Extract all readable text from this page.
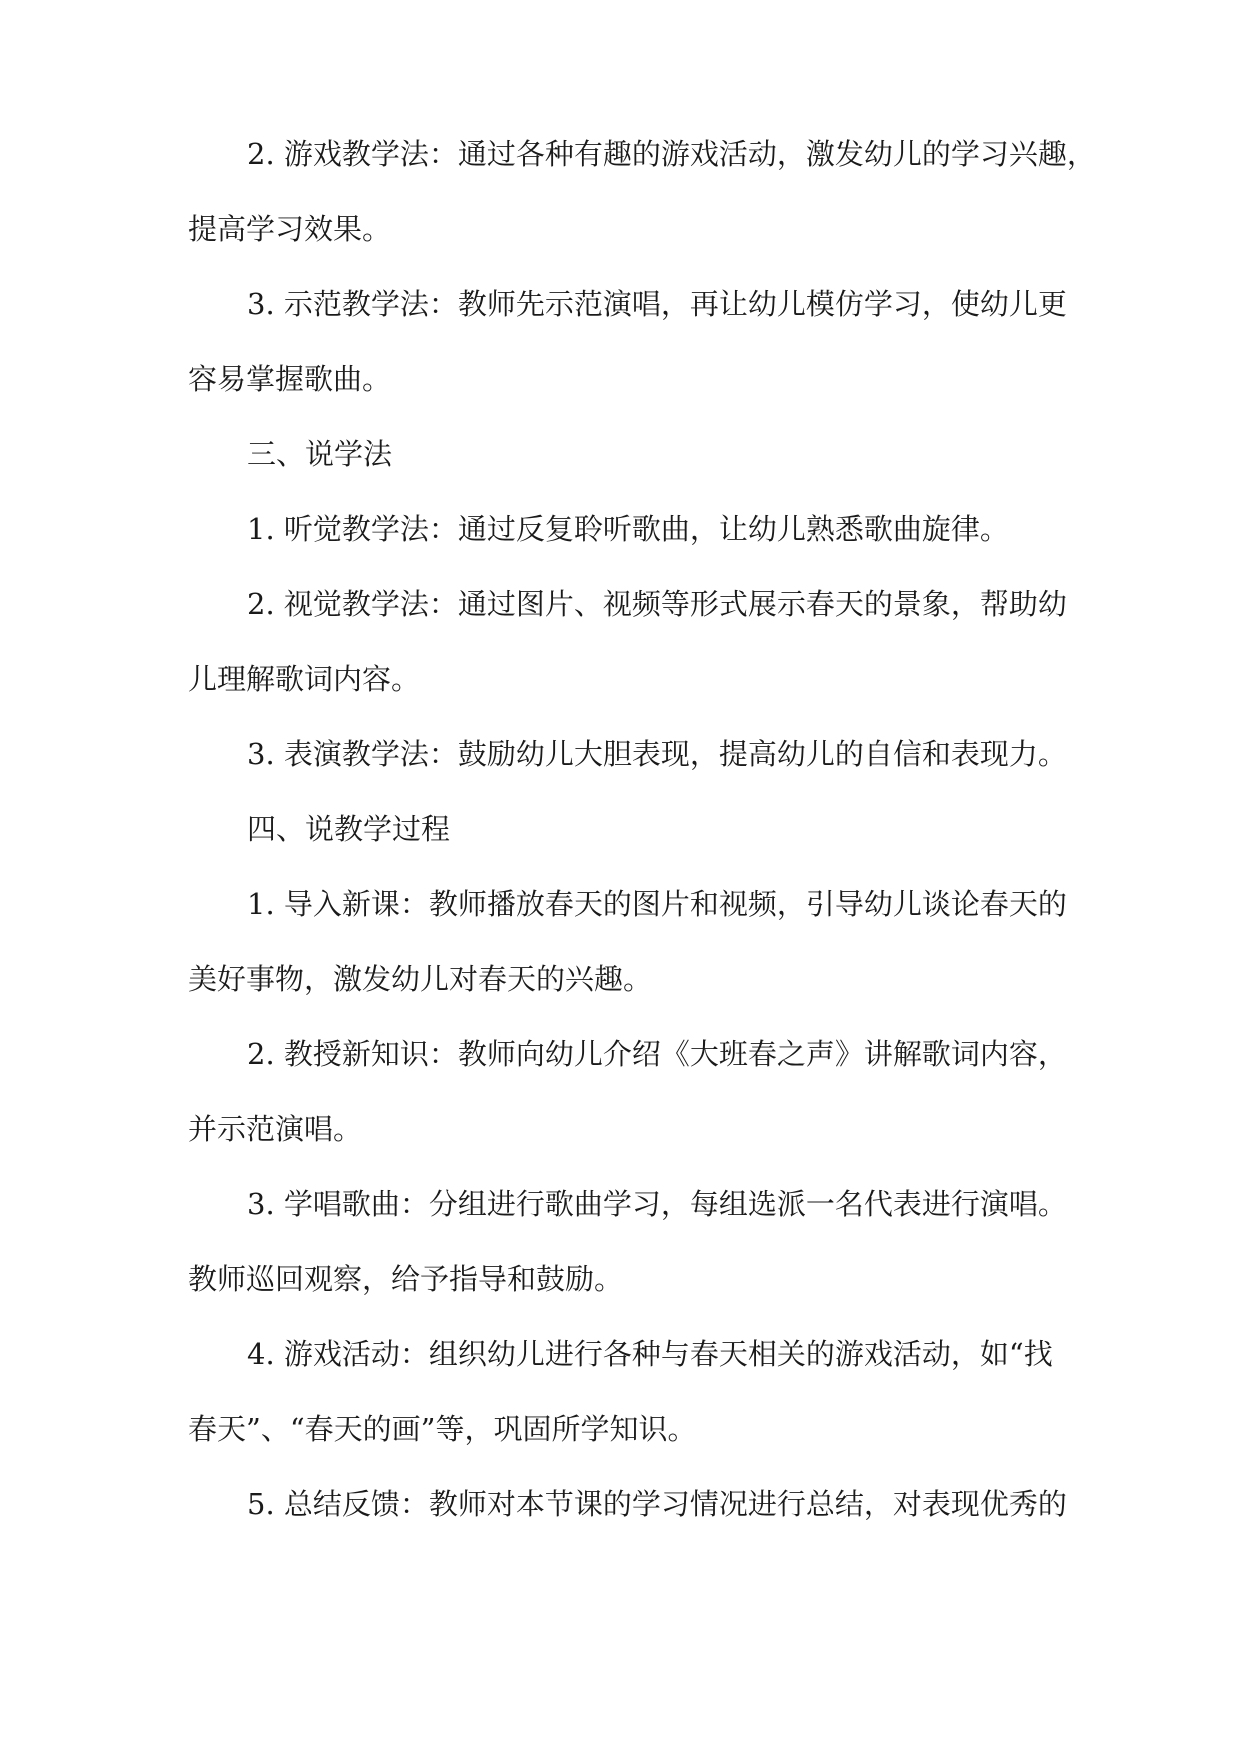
2. 游戏教学法：通过各种有趣的游戏活动，激发幼儿的学习兴趣，
提高学习效果。
3. 示范教学法：教师先示范演唱，再让幼儿模仿学习，使幼儿更
容易掌握歌曲。
三、说学法
1. 听觉教学法：通过反复聆听歌曲，让幼儿熟悉歌曲旋律。
2. 视觉教学法：通过图片、视频等形式展示春天的景象，帮助幼
儿理解歌词内容。
3. 表演教学法：鼓励幼儿大胆表现，提高幼儿的自信和表现力。
四、说教学过程
1. 导入新课：教师播放春天的图片和视频，引导幼儿谈论春天的
美好事物，激发幼儿对春天的兴趣。
2. 教授新知识：教师向幼儿介绍《大班春之声》讲解歌词内容，
并示范演唱。
3. 学唱歌曲：分组进行歌曲学习，每组选派一名代表进行演唱。
教师巡回观察，给予指导和鼓励。
4. 游戏活动：组织幼儿进行各种与春天相关的游戏活动，如“找
春天”、“春天的画”等，巩固所学知识。
5. 总结反馈：教师对本节课的学习情况进行总结，对表现优秀的
